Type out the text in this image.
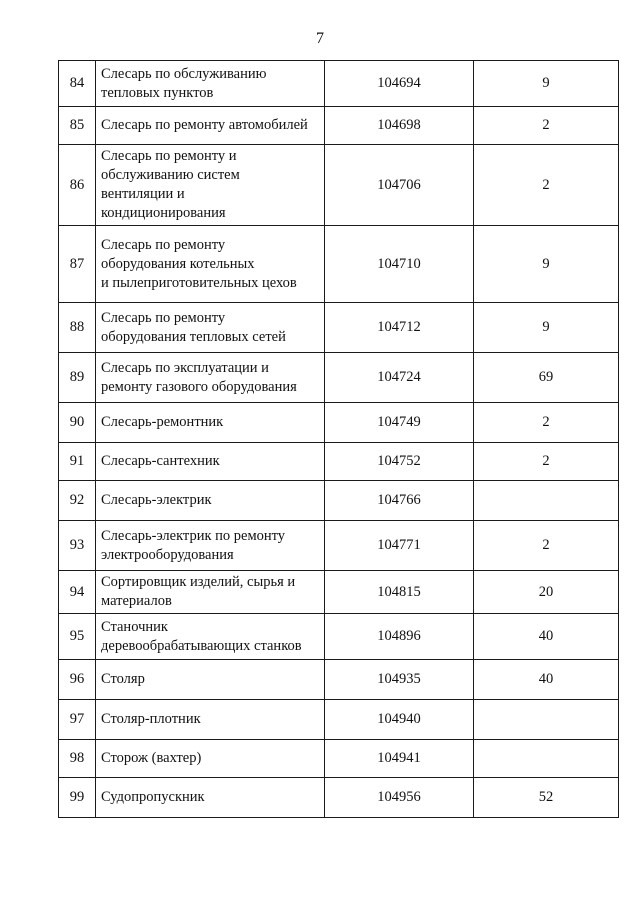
7
84	Слесарь по обслуживанию
тепловых пунктов	104694	9
85	Слесарь по ремонту автомобилей	104698	2
86	Слесарь по ремонту и
обслуживанию систем
вентиляции и
кондиционирования	104706	2
87	Слесарь по ремонту
оборудования котельных
и пылеприготовительных цехов	104710	9
88	Слесарь по ремонту
оборудования тепловых сетей	104712	9
89	Слесарь по эксплуатации и
ремонту газового оборудования	104724	69
90	Слесарь-ремонтник	104749	2
91	Слесарь-сантехник	104752	2
92	Слесарь-электрик	104766	
93	Слесарь-электрик по ремонту
электрооборудования	104771	2
94	Сортировщик изделий, сырья и
материалов	104815	20
95	Станочник
деревообрабатывающих станков	104896	40
96	Столяр	104935	40
97	Столяр-плотник	104940	
98	Сторож (вахтер)	104941	
99	Судопропускник	104956	52
